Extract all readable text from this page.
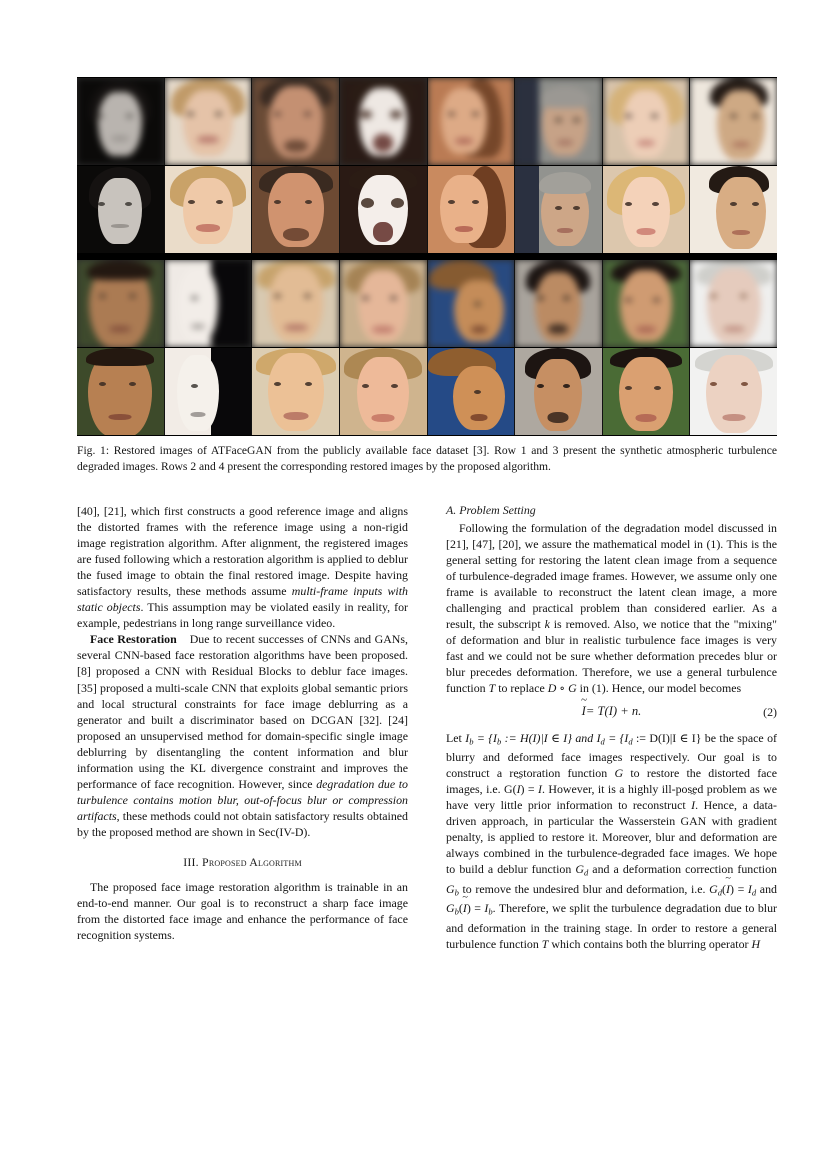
Fig. 1: Restored images of ATFaceGAN from the publicly available face dataset [3]. Row 1 and 3 present the synthetic atmospheric turbulence degraded images. Rows 2 and 4 present the corresponding restored images by the proposed algorithm.

[40], [21], which first constructs a good reference image and aligns the distorted frames with the reference image using a non-rigid image registration algorithm. After alignment, the registered images are fused following which a restoration algorithm is applied to deblur the fused image to obtain the final restored image. Despite having satisfactory results, these methods assume multi-frame inputs with static objects. This assumption may be violated easily in reality, for example, pedestrians in long range surveillance video.

Face Restoration Due to recent successes of CNNs and GANs, several CNN-based face restoration algorithms have been proposed. [8] proposed a CNN with Residual Blocks to deblur face images. [35] proposed a multi-scale CNN that exploits global semantic priors and local structural constraints for face image deblurring as a generator and built a discriminator based on DCGAN [32]. [24] proposed an unsupervised method for domain-specific single image deblurring by disentangling the content information and blur information using the KL divergence constraint and improves the performance of face recognition. However, since degradation due to turbulence contains motion blur, out-of-focus blur or compression artifacts, these methods could not obtain satisfactory results obtained by the proposed method are shown in Sec(IV-D).

III. Proposed Algorithm

The proposed face image restoration algorithm is trainable in an end-to-end manner. Our goal is to reconstruct a sharp face image from the distorted face image and enhance the performance of face recognition systems.

A. Problem Setting

Following the formulation of the degradation model discussed in [21], [47], [20], we assure the mathematical model in (1). This is the general setting for restoring the latent clean image from a sequence of turbulence-degraded image frames. However, we assume only one frame is available to reconstruct the latent clean image, a more challenging and practical problem than considered earlier. As a result, the subscript k is removed. Also, we notice that the "mixing" of deformation and blur in realistic turbulence face images is very fast and we could not be sure whether deformation precedes blur or blur precedes deformation. Therefore, we use a general turbulence function T to replace D ∘ G in (1). Hence, our model becomes

~ I= T(I) + n.	(2)

Let $I_b = \{I_b$ := H(I)|I ∈ I} and $I_d = \{I_d$ := D(I)|I ∈ I} be the space of blurry and deformed face images respectively. Our goal is to construct a restoration function G to restore the distorted face images, i.e. G(~ I) = I. However, it is a highly ill-posed problem as we have very little prior information to reconstruct ~ I. Hence, a data-driven approach, in particular the Wasserstein GAN with gradient penalty, is applied to restore it. Moreover, blur and deformation are always combined in the turbulence-degraded face images. We hope to build a deblur function $G_d$ and a deformation correction function $G_b$ to remove the undesired blur and deformation, i.e. $G_d(\sim$ $I) = I_d$ and $G_b(\sim$ $I) = I_b$. Therefore, we split the turbulence degradation due to blur and deformation in the training stage. In order to restore a general turbulence function T which contains both the blurring operator H
